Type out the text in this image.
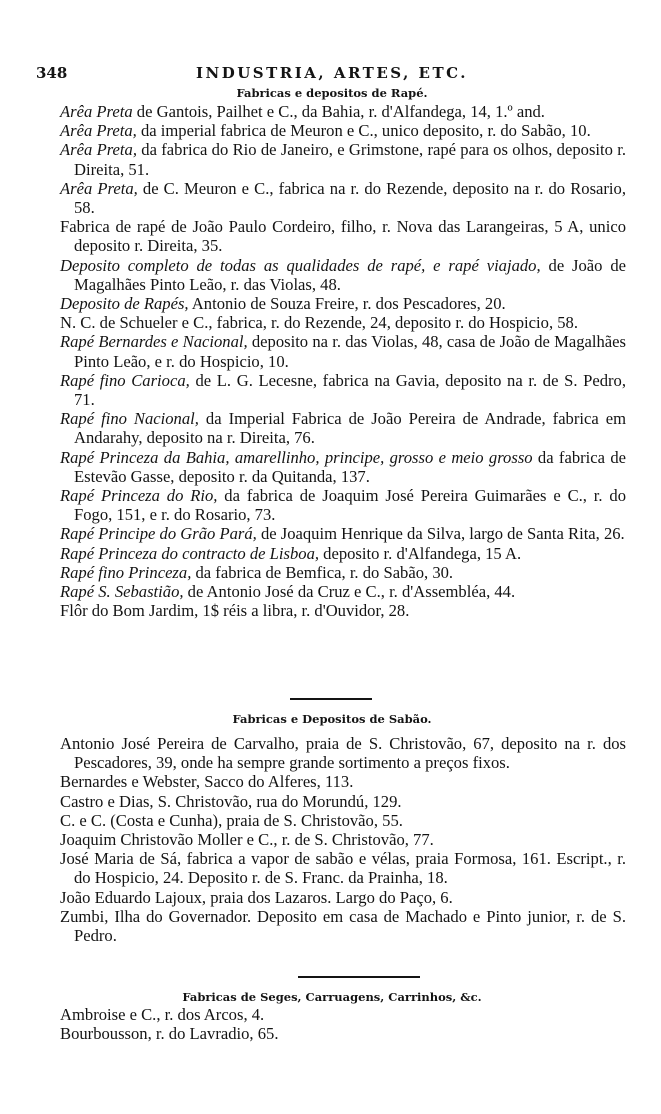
348	INDUSTRIA, ARTES, ETC.
Fabricas e depositos de Rapé.
Arêa Preta de Gantois, Pailhet e C., da Bahia, r. d'Alfandega, 14, 1.º and.
Arêa Preta, da imperial fabrica de Meuron e C., unico deposito, r. do Sabão, 10.
Arêa Preta, da fabrica do Rio de Janeiro, e Grimstone, rapé para os olhos, deposito r. Direita, 51.
Arêa Preta, de C. Meuron e C., fabrica na r. do Rezende, deposito na r. do Rosario, 58.
Fabrica de rapé de João Paulo Cordeiro, filho, r. Nova das Larangeiras, 5 A, unico deposito r. Direita, 35.
Deposito completo de todas as qualidades de rapé, e rapé viajado, de João de Magalhães Pinto Leão, r. das Violas, 48.
Deposito de Rapés, Antonio de Souza Freire, r. dos Pescadores, 20.
N. C. de Schueler e C., fabrica, r. do Rezende, 24, deposito r. do Hospicio, 58.
Rapé Bernardes e Nacional, deposito na r. das Violas, 48, casa de João de Magalhães Pinto Leão, e r. do Hospicio, 10.
Rapé fino Carioca, de L. G. Lecesne, fabrica na Gavia, deposito na r. de S. Pedro, 71.
Rapé fino Nacional, da Imperial Fabrica de João Pereira de Andrade, fabrica em Andarahy, deposito na r. Direita, 76.
Rapé Princeza da Bahia, amarellinho, principe, grosso e meio grosso da fabrica de Estevão Gasse, deposito r. da Quitanda, 137.
Rapé Princeza do Rio, da fabrica de Joaquim José Pereira Guimarães e C., r. do Fogo, 151, e r. do Rosario, 73.
Rapé Principe do Grão Pará, de Joaquim Henrique da Silva, largo de Santa Rita, 26.
Rapé Princeza do contracto de Lisboa, deposito r. d'Alfandega, 15 A.
Rapé fino Princeza, da fabrica de Bemfica, r. do Sabão, 30.
Rapé S. Sebastião, de Antonio José da Cruz e C., r. d'Assembléa, 44.
Flôr do Bom Jardim, 1$ réis a libra, r. d'Ouvidor, 28.
Fabricas e Depositos de Sabão.
Antonio José Pereira de Carvalho, praia de S. Christovão, 67, deposito na r. dos Pescadores, 39, onde ha sempre grande sortimento a preços fixos.
Bernardes e Webster, Sacco do Alferes, 113.
Castro e Dias, S. Christovão, rua do Morundú, 129.
C. e C. (Costa e Cunha), praia de S. Christovão, 55.
Joaquim Christovão Moller e C., r. de S. Christovão, 77.
José Maria de Sá, fabrica a vapor de sabão e vélas, praia Formosa, 161. Escript., r. do Hospicio, 24. Deposito r. de S. Franc. da Prainha, 18.
João Eduardo Lajoux, praia dos Lazaros. Largo do Paço, 6.
Zumbi, Ilha do Governador. Deposito em casa de Machado e Pinto junior, r. de S. Pedro.
Fabricas de Seges, Carruagens, Carrinhos, &c.
Ambroise e C., r. dos Arcos, 4.
Bourbousson, r. do Lavradio, 65.
